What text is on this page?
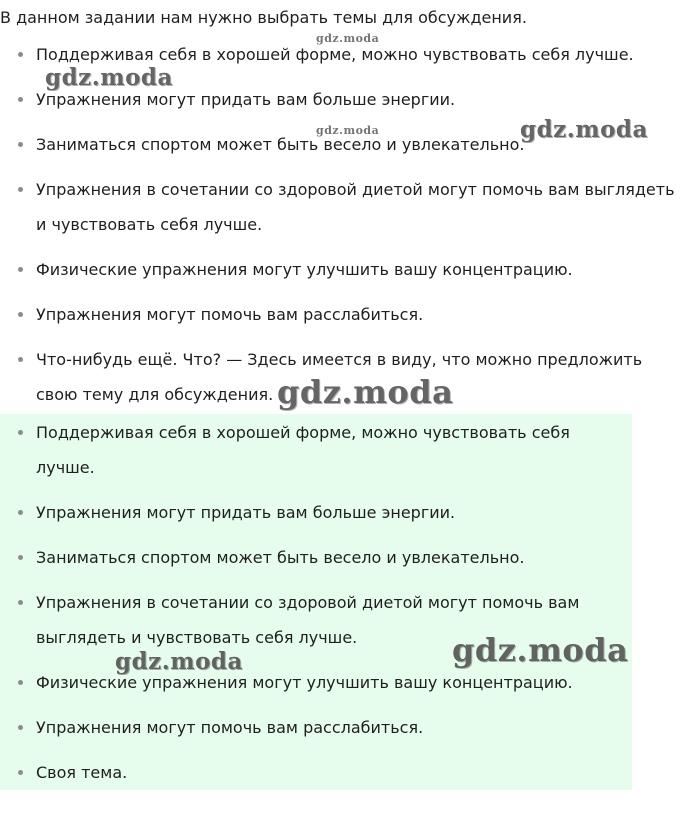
В данном задании нам нужно выбрать темы для обсуждения.
Поддерживая себя в хорошей форме, можно чувствовать себя лучше.
Упражнения могут придать вам больше энергии.
Заниматься спортом может быть весело и увлекательно.
Упражнения в сочетании со здоровой диетой могут помочь вам выглядеть
и чувствовать себя лучше.
Физические упражнения могут улучшить вашу концентрацию.
Упражнения могут помочь вам расслабиться.
Что-нибудь ещё. Что? — Здесь имеется в виду, что можно предложить
свою тему для обсуждения.
Поддерживая себя в хорошей форме, можно чувствовать себя
лучше.
Упражнения могут придать вам больше энергии.
Заниматься спортом может быть весело и увлекательно.
Упражнения в сочетании со здоровой диетой могут помочь вам
выглядеть и чувствовать себя лучше.
Физические упражнения могут улучшить вашу концентрацию.
Упражнения могут помочь вам расслабиться.
Своя тема.
gdz.moda
gdz.moda
gdz.moda	gdz.moda
gdz.moda
gdz.moda
gdz.moda
